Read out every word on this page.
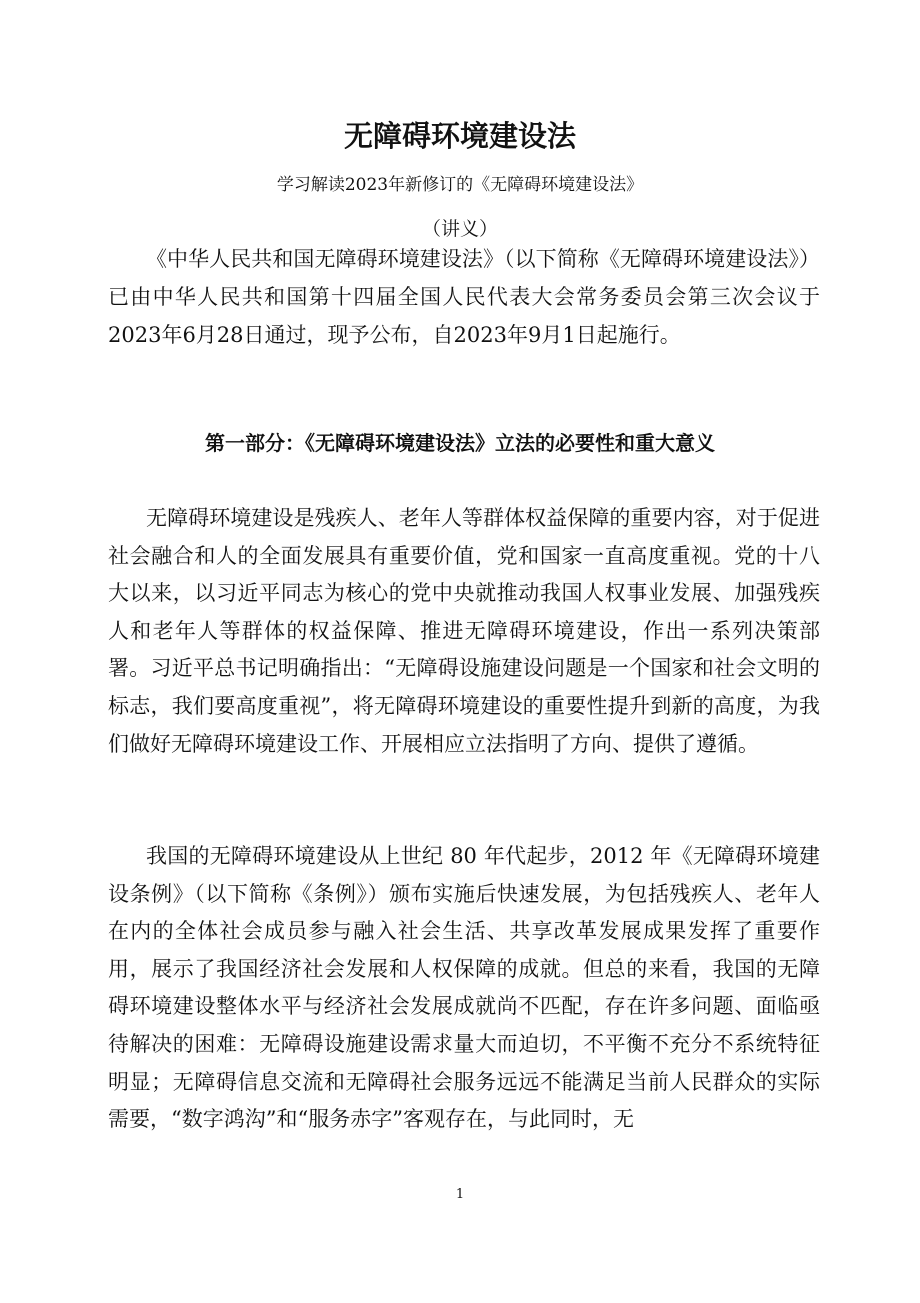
无障碍环境建设法

学习解读2023年新修订的《无障碍环境建设法》

（讲义）

《中华人民共和国无障碍环境建设法》（以下简称《无障碍环境建设法》）已由中华人民共和国第十四届全国人民代表大会常务委员会第三次会议于2023年6月28日通过，现予公布，自2023年9月1日起施行。

第一部分：《无障碍环境建设法》立法的必要性和重大意义

无障碍环境建设是残疾人、老年人等群体权益保障的重要内容，对于促进社会融合和人的全面发展具有重要价值，党和国家一直高度重视。党的十八大以来，以习近平同志为核心的党中央就推动我国人权事业发展、加强残疾人和老年人等群体的权益保障、推进无障碍环境建设，作出一系列决策部署。习近平总书记明确指出：“无障碍设施建设问题是一个国家和社会文明的标志，我们要高度重视”，将无障碍环境建设的重要性提升到新的高度，为我们做好无障碍环境建设工作、开展相应立法指明了方向、提供了遵循。

我国的无障碍环境建设从上世纪 80 年代起步，2012 年《无障碍环境建设条例》（以下简称《条例》）颁布实施后快速发展，为包括残疾人、老年人在内的全体社会成员参与融入社会生活、共享改革发展成果发挥了重要作用，展示了我国经济社会发展和人权保障的成就。但总的来看，我国的无障碍环境建设整体水平与经济社会发展成就尚不匹配，存在许多问题、面临亟待解决的困难：无障碍设施建设需求量大而迫切，不平衡不充分不系统特征明显；无障碍信息交流和无障碍社会服务远远不能满足当前人民群众的实际需要，“数字鸿沟”和“服务赤字”客观存在，与此同时，无

1
